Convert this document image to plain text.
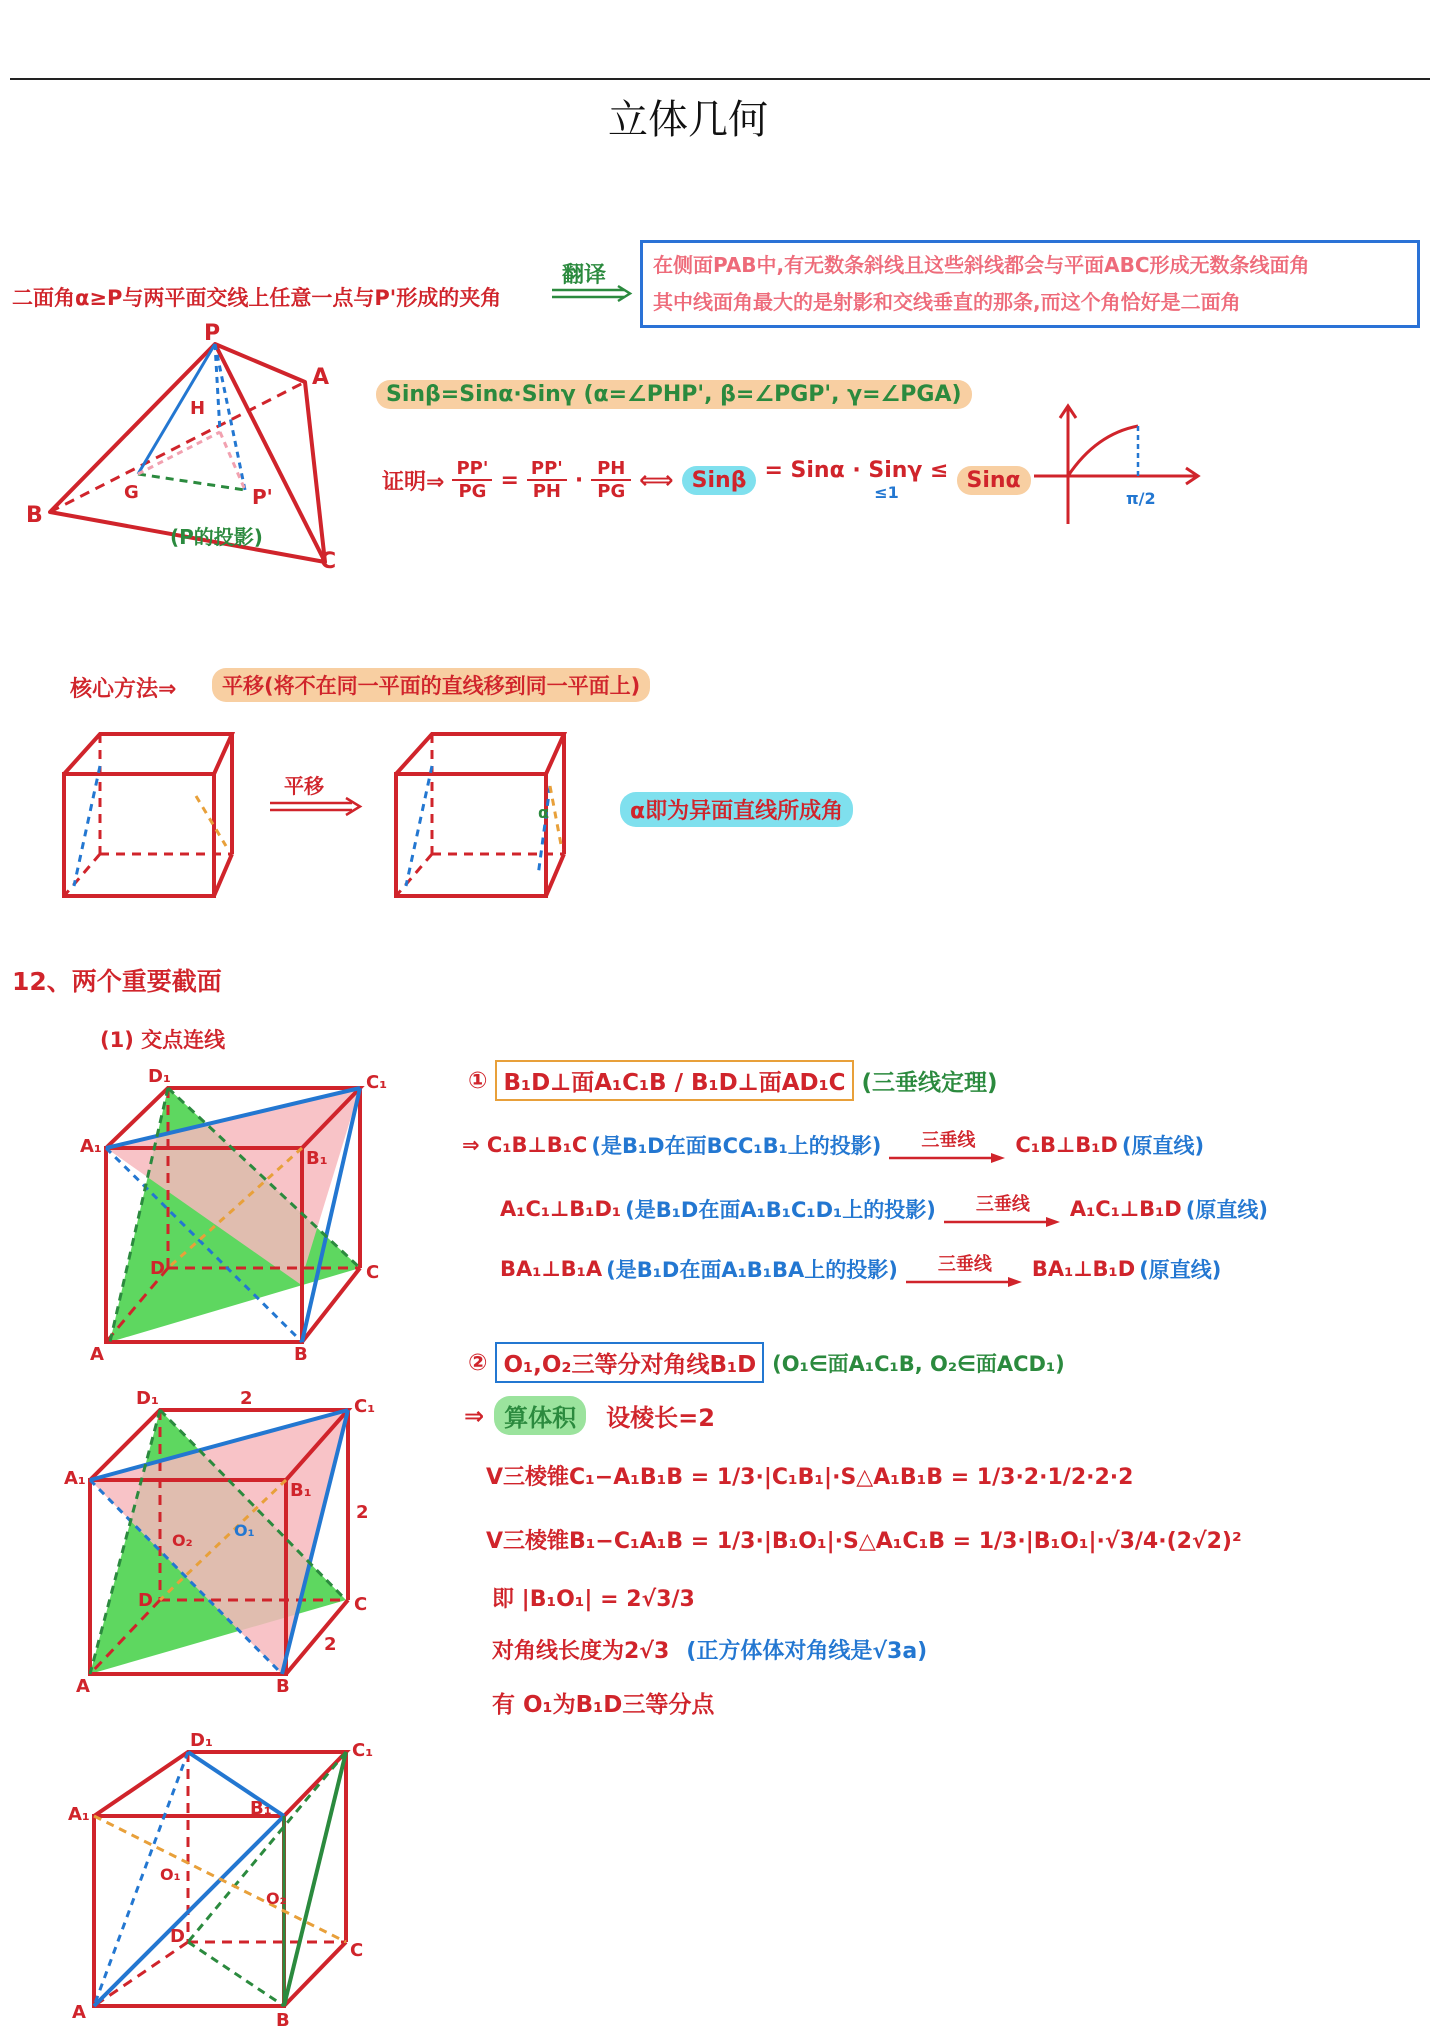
立体几何
二面角α≥P与两平面交线上任意一点与P'形成的夹角
翻译 在侧面PAB中,有无数条斜线且这些斜线都会与平面ABC形成无数条线面角
其中线面角最大的是射影和交线垂直的那条,而这个角恰好是二面角
P
A
B
C
G
H
P'
(P的投影)
Sinβ=Sinα·Sinγ (α=∠PHP', β=∠PGP', γ=∠PGA)
证明⇒
PP'
PG = PP'
PH · PH
PG ⟺ Sinβ = Sinα · Sinγ ≤
≤1	Sinα
π/2
核心方法⇒	平移(将不在同一平面的直线移到同一平面上)
平移
α	α即为异面直线所成角
12、两个重要截面
(1) 交点连线
D₁	C₁
A₁
B₁
D	C
A	B
D₁	2	C₁
A₁
B₁
2
O₂
O₁
D	C
2
A	B
D₁	C₁
A₁	B₁
O₁
O₂
D
C
A	B
① B₁D⊥面A₁C₁B / B₁D⊥面AD₁C (三垂线定理)
⇒ C₁B⊥B₁C (是B₁D在面BCC₁B₁上的投影) 三垂线 C₁B⊥B₁D (原直线)
A₁C₁⊥B₁D₁ (是B₁D在面A₁B₁C₁D₁上的投影) 三垂线 A₁C₁⊥B₁D (原直线)
BA₁⊥B₁A (是B₁D在面A₁B₁BA上的投影) 三垂线 BA₁⊥B₁D (原直线)
② O₁,O₂三等分对角线B₁D (O₁∈面A₁C₁B, O₂∈面ACD₁)
⇒ 算体积	设棱长=2
V三棱锥C₁−A₁B₁B = 1/3·|C₁B₁|·S△A₁B₁B = 1/3·2·1/2·2·2
V三棱锥B₁−C₁A₁B = 1/3·|B₁O₁|·S△A₁C₁B = 1/3·|B₁O₁|·√3/4·(2√2)²
即 |B₁O₁| = 2√3/3
对角线长度为2√3 (正方体体对角线是√3a)
有 O₁为B₁D三等分点
